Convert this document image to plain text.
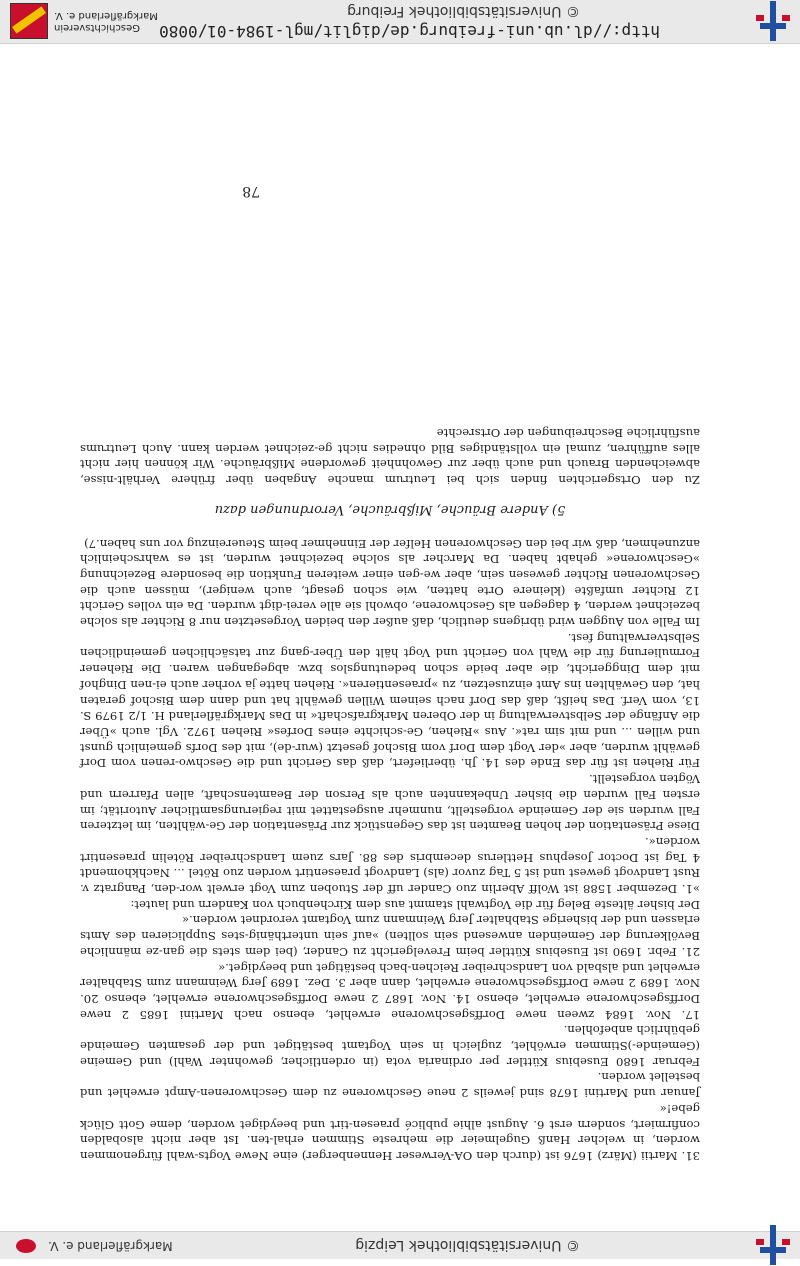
© Universitätsbibliothek Leipzig
Markgräflerland e. V.

31. Martii (März) 1676 ist (durch den OA-Verweser Hennenberger) eine Newe Vogts-wahl fürgenommen worden, in welcher Hanß Gugelmeier die mehreste Stimmen erhal-ten. Ist aber nicht alsobalden confirmiert, sondern erst 6. August alhie publicé praesen-tirt und beeydiget worden, deme Gott Glück gebe!«

Januar und Martini 1678 sind jeweils 2 neue Geschworene zu dem Geschworenen-Ampt erwehlet und bestellet worden.

Februar 1680 Eusebius Küttler per ordinaria vota (in ordentlicher, gewohnter Wahl) und Gemeine (Gemeinde-)Stimmen erwöhlet, zugleich in sein Vogtamt bestätiget und der gesamten Gemeinde gebührlich anbefohlen.

17. Nov. 1684 zween newe Dorffsgeschworene erwehlet, ebenso nach Martini 1685 2 newe Dorffsgeschworene erwehlet, ebenso 14. Nov. 1687 2 newe Dorffsgeschworene erwehlet, ebenso 20. Nov. 1689 2 newe Dorffsgeschworene erwehlet, dann aber 3. Dez. 1689 Jerg Weinmann zum Stabhalter erwehlet und alsbald von Landschreiber Reichen-bach bestätiget und beeydiget.«

21. Febr. 1690 ist Eusebius Küttler beim Frevelgericht zu Cander, (bei dem stets die gan-ze männliche Bevölkerung der Gemeinden anwesend sein sollten) »auf sein unterthänig-stes Supplicieren des Amts erlassen und der bisherige Stabhalter Jerg Weinmann zum Vogtamt verordnet worden.«

Der bisher älteste Beleg für die Vogtwahl stammt aus dem Kirchenbuch von Kandern und lautet:

»1. Dezember 1588 ist Wolff Aberlin zuo Cander uff der Stuoben zum Vogt erwelt wor-den, Pangratz v. Rust Landvogt gewest und ist 5 Tag zuvor (als) Landvogt praesentirt worden zuo Rötel ... Nachkhomendt 4 Tag ist Doctor Josephus Hettlerus decembris des 88. Jars zuem Landschreiber Rötelin praesentirt worden«.

Diese Präsentation der hohen Beamten ist das Gegenstück zur Präsentation der Ge-wählten, im letzteren Fall wurden sie der Gemeinde vorgestellt, nunmehr ausgestattet mit regierungsamtlicher Autorität; im ersten Fall wurden die bisher Unbekannten auch als Person der Beamtenschaft, allen Pfarrern und Vögten vorgestellt.

Für Riehen ist für das Ende des 14. Jh. überliefert, daß das Gericht und die Geschwo-renen vom Dorf gewählt wurden, aber »der Vogt dem Dorf vom Bischof gesetzt (wur-de), mit des Dorfs gemeinlich gunst und willen ... und mit sim rat«. Aus »Riehen, Ge-schichte eines Dorfes« Riehen 1972. Vgl. auch »Über die Anfänge der Selbstverwaltung in der Oberen Markgrafschaft« in Das Markgräflerland H. 1/2 1979 S. 13, vom Verf. Das heißt, daß das Dorf nach seinem Willen gewählt hat und dann dem Bischof geraten hat, den Gewählten ins Amt einzusetzen, zu »praesentieren«. Riehen hatte ja vorher auch ei-nen Dinghof mit dem Dinggericht, die aber beide schon bedeutungslos bzw. abgegangen waren. Die Riehener Formulierung für die Wahl von Gericht und Vogt hält den Über-gang zur tatsächlichen gemeindlichen Selbstverwaltung fest.

Im Falle von Auggen wird übrigens deutlich, daß außer den beiden Vorgesetzten nur 8 Richter als solche bezeichnet werden, 4 dagegen als Geschworene, obwohl sie alle verei-digt wurden. Da ein volles Gericht 12 Richter umfaßte (kleinere Orte hatten, wie schon gesagt, auch weniger), müssen auch die Geschworenen Richter gewesen sein, aber we-gen einer weiteren Funktion die besondere Bezeichnung »Geschworene« gehabt haben. Da Marcher als solche bezeichnet wurden, ist es wahrscheinlich anzunehmen, daß wir bei den Geschworenen Helfer der Einnehmer beim Steuereinzug vor uns haben.7)

5) Andere Bräuche, Mißbräuche, Verordnungen dazu

Zu den Ortsgerichten finden sich bei Leutrum manche Angaben über frühere Verhält-nisse, abweichenden Brauch und auch über zur Gewohnheit gewordene Mißbräuche. Wir können hier nicht alles aufführen, zumal ein vollständiges Bild ohnedies nicht ge-zeichnet werden kann. Auch Leutrums ausführliche Beschreibungen der Ortsrechte

78
http://dl.ub.uni-freiburg.de/diglit/mgl-1984-01/0080
© Universitätsbibliothek Freiburg
Geschichtsverein
Markgräflerland e. V.
